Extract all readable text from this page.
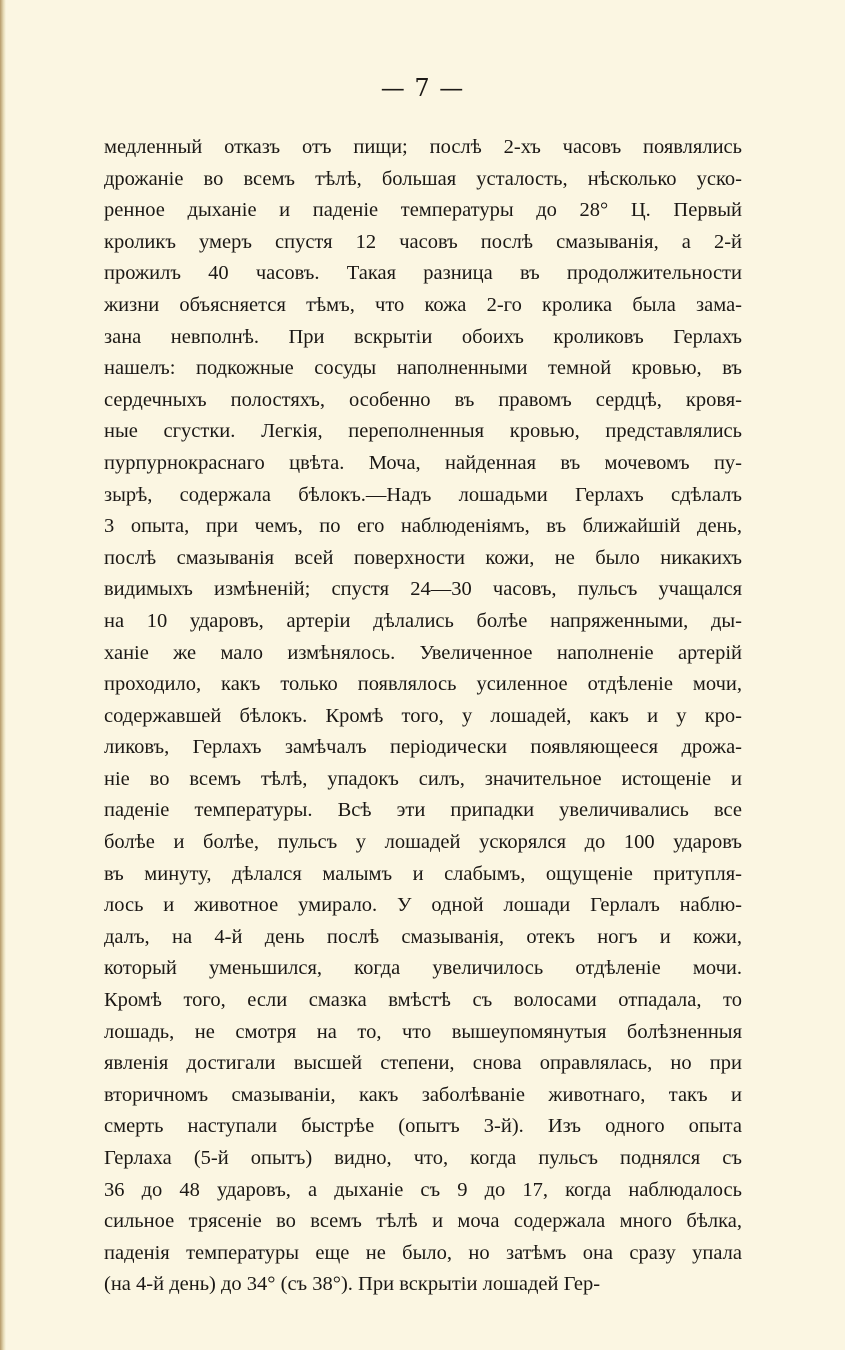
— 7 —
медленный отказъ отъ пищи; послѣ 2-хъ часовъ появлялись
дрожаніе во всемъ тѣлѣ, большая усталость, нѣсколько уско-
ренное дыханіе и паденіе температуры до 28° Ц. Первый
кроликъ умеръ спустя 12 часовъ послѣ смазыванія, а 2-й
прожилъ 40 часовъ. Такая разница въ продолжительности
жизни объясняется тѣмъ, что кожа 2-го кролика была зама-
зана невполнѣ. При вскрытіи обоихъ кроликовъ Герлахъ
нашелъ: подкожные сосуды наполненными темной кровью, въ
сердечныхъ полостяхъ, особенно въ правомъ сердцѣ, кровя-
ные сгустки. Легкія, переполненныя кровью, представлялись
пурпурнокраснаго цвѣта. Моча, найденная въ мочевомъ пу-
зырѣ, содержала бѣлокъ.—Надъ лошадьми Герлахъ сдѣлалъ
3 опыта, при чемъ, по его наблюденіямъ, въ ближайшій день,
послѣ смазыванія всей поверхности кожи, не было никакихъ
видимыхъ измѣненій; спустя 24—30 часовъ, пульсъ учащался
на 10 ударовъ, артеріи дѣлались болѣе напряженными, ды-
ханіе же мало измѣнялось. Увеличенное наполненіе артерій
проходило, какъ только появлялось усиленное отдѣленіе мочи,
содержавшей бѣлокъ. Кромѣ того, у лошадей, какъ и у кро-
ликовъ, Герлахъ замѣчалъ періодически появляющееся дрожа-
ніе во всемъ тѣлѣ, упадокъ силъ, значительное истощеніе и
паденіе температуры. Всѣ эти припадки увеличивались все
болѣе и болѣе, пульсъ у лошадей ускорялся до 100 ударовъ
въ минуту, дѣлался малымъ и слабымъ, ощущеніе притупля-
лось и животное умирало. У одной лошади Герлалъ наблю-
далъ, на 4-й день послѣ смазыванія, отекъ ногъ и кожи,
который уменьшился, когда увеличилось отдѣленіе мочи.
Кромѣ того, если смазка вмѣстѣ съ волосами отпадала, то
лошадь, не смотря на то, что вышеупомянутыя болѣзненныя
явленія достигали высшей степени, снова оправлялась, но при
вторичномъ смазываніи, какъ заболѣваніе животнаго, такъ и
смерть наступали быстрѣе (опытъ 3-й). Изъ одного опыта
Герлаха (5-й опытъ) видно, что, когда пульсъ поднялся съ
36 до 48 ударовъ, а дыханіе съ 9 до 17, когда наблюдалось
сильное трясеніе во всемъ тѣлѣ и моча содержала много бѣлка,
паденія температуры еще не было, но затѣмъ она сразу упала
(на 4-й день) до 34° (съ 38°). При вскрытіи лошадей Гер-
